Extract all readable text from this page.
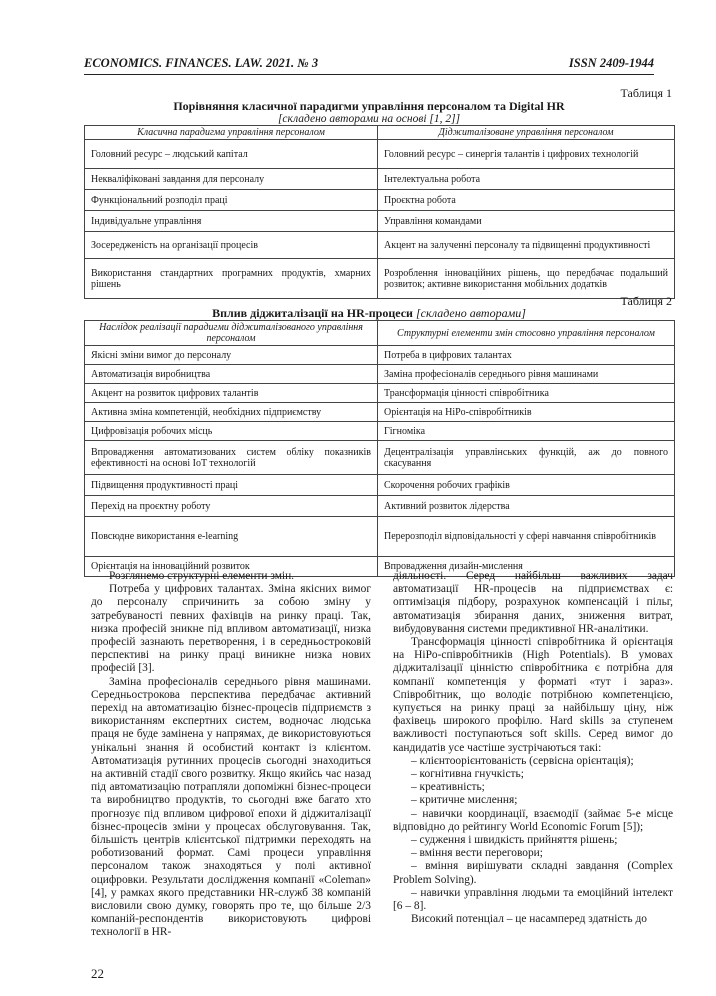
ECONOMICS. FINANCES. LAW. 2021. № 3	ISSN 2409-1944
Таблиця 1
Порівняння класичної парадигми управління персоналом та Digital HR
[складено авторами на основі [1, 2]]
Класична парадигма управління персоналом	Діджиталізоване управління персоналом
Головний ресурс – людський капітал	Головний ресурс – синергія талантів і цифрових технологій
Некваліфіковані завдання для персоналу	Інтелектуальна робота
Функціональний розподіл праці	Проєктна робота
Індивідуальне управління	Управління командами
Зосередженість на організації процесів	Акцент на залученні персоналу та підвищенні продуктивності
Використання стандартних програмних продуктів, хмарних рішень	Розроблення інноваційних рішень, що передбачає подальший розвиток; активне використання мобільних додатків
Таблиця 2
Вплив діджиталізації на HR-процеси [складено авторами]
Наслідок реалізації парадигми діджиталізованого управління персоналом	Структурні елементи змін стосовно управління персоналом
Якісні зміни вимог до персоналу	Потреба в цифрових талантах
Автоматизація виробництва	Заміна професіоналів середнього рівня машинами
Акцент на розвиток цифрових талантів	Трансформація цінності співробітника
Активна зміна компетенцій, необхідних підприємству	Орієнтація на HiPo-співробітників
Цифровізація робочих місць	Гігноміка
Впровадження автоматизованих систем обліку показників ефективності на основі IoT технологій	Децентралізація управлінських функцій, аж до повного скасування
Підвищення продуктивності праці	Скорочення робочих графіків
Перехід на проєктну роботу	Активний розвиток лідерства
Повсюдне використання e-learning	Перерозподіл відповідальності у сфері навчання співробітників
Орієнтація на інноваційний розвиток	Впровадження дизайн-мислення

Розглянемо структурні елементи змін.

Потреба у цифрових талантах. Зміна якісних вимог до персоналу спричинить за собою зміну у затребуваності певних фахівців на ринку праці. Так, низка професій зникне під впливом автоматизації, низка професій зазнають перетворення, і в середньостроковій перспективі на ринку праці виникне низка нових професій [3].

Заміна професіоналів середнього рівня машинами. Середньострокова перспектива передбачає активний перехід на автоматизацію бізнес-процесів підприємств з використанням експертних систем, водночас людська праця не буде замінена у напрямах, де використовуються унікальні знання й особистий контакт із клієнтом. Автоматизація рутинних процесів сьогодні знаходиться на активній стадії свого розвитку. Якщо якийсь час назад під автоматизацію потрапляли допоміжні бізнес-процеси та виробництво продуктів, то сьогодні вже багато хто прогнозує під впливом цифрової епохи й діджиталізації бізнес-процесів зміни у процесах обслуговування. Так, більшість центрів клієнтської підтримки переходять на роботизований формат. Самі процеси управління персоналом також знаходяться у полі активної оцифровки. Результати дослідження компанії «Coleman» [4], у рамках якого представники HR-служб 38 компаній висловили свою думку, говорять про те, що більше 2/3 компаній-респондентів використовують цифрові технології в HR-

діяльності. Серед найбільш важливих задач автоматизації HR-процесів на підприємствах є: оптимізація підбору, розрахунок компенсацій і пільг, автоматизація збирання даних, зниження витрат, вибудовування системи предиктивної HR-аналітики.

Трансформація цінності співробітника й орієнтація на HiPo-співробітників (High Potentials). В умовах діджиталізації цінністю співробітника є потрібна для компанії компетенція у форматі «тут і зараз». Співробітник, що володіє потрібною компетенцією, купується на ринку праці за найбільшу ціну, ніж фахівець широкого профілю. Hard skills за ступенем важливості поступаються soft skills. Серед вимог до кандидатів усе частіше зустрічаються такі:

– клієнтоорієнтованість (сервісна орієнтація);

– когнітивна гнучкість;

– креативність;

– критичне мислення;

– навички координації, взаємодії (займає 5-е місце відповідно до рейтингу World Economic Forum [5]);

– судження і швидкість прийняття рішень;

– вміння вести переговори;

– вміння вирішувати складні завдання (Complex Problem Solving).

– навички управління людьми та емоційний інтелект [6 – 8].

Високий потенціал – це насамперед здатність до

22
